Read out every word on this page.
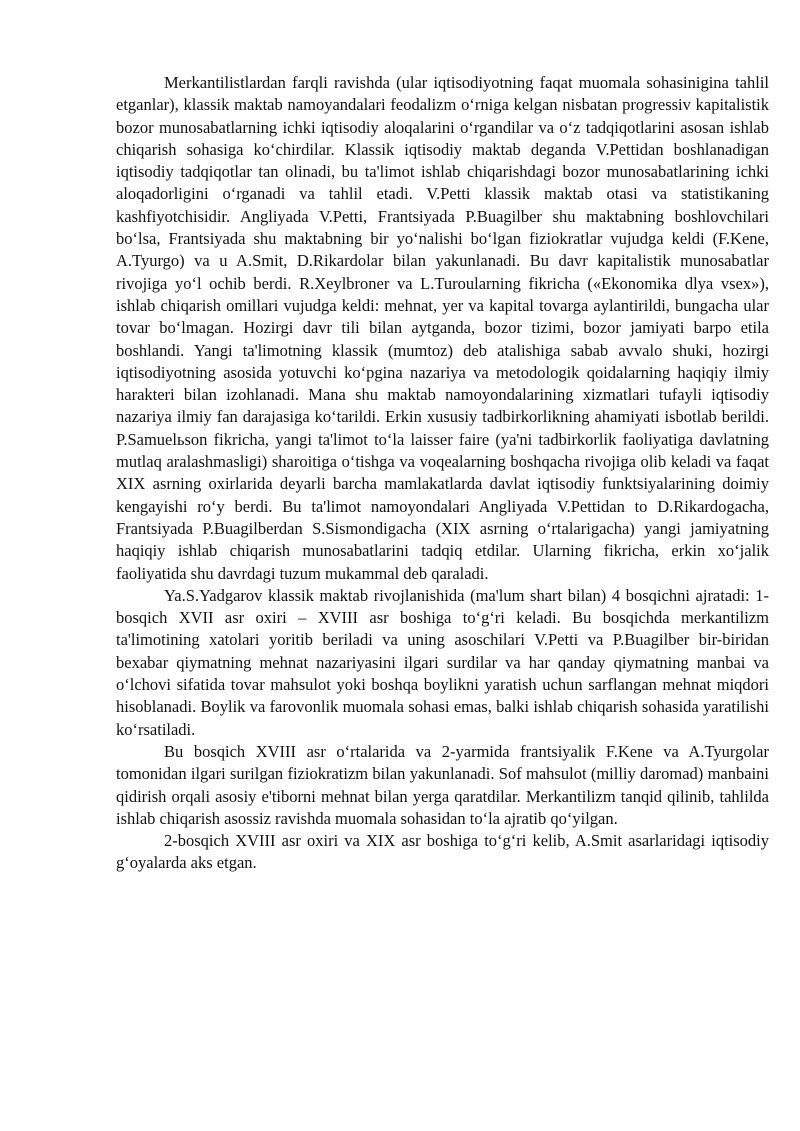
Merkantilistlardan farqli ravishda (ular iqtisodiyotning faqat muomala sohasinigina tahlil etganlar), klassik maktab namoyandalari feodalizm o‘rniga kelgan nisbatan progressiv kapitalistik bozor munosabatlarning ichki iqtisodiy aloqalarini o‘rgandilar va o‘z tadqiqotlarini asosan ishlab chiqarish sohasiga ko‘chirdilar. Klassik iqtisodiy maktab deganda V.Pettidan boshlanadigan iqtisodiy tadqiqotlar tan olinadi, bu ta'limot ishlab chiqarishdagi bozor munosabatlarining ichki aloqadorligini o‘rganadi va tahlil etadi. V.Petti klassik maktab otasi va statistikaning kashfiyotchisidir. Angliyada V.Petti, Frantsiyada P.Buagilber shu maktabning boshlovchilari bo‘lsa, Frantsiyada shu maktabning bir yo‘nalishi bo‘lgan fiziokratlar vujudga keldi (F.Kene, A.Tyurgo) va u A.Smit, D.Rikardolar bilan yakunlanadi. Bu davr kapitalistik munosabatlar rivojiga yo‘l ochib berdi. R.Xeylbroner va L.Turoularning fikricha («Ekonomika dlya vsex»), ishlab chiqarish omillari vujudga keldi: mehnat, yer va kapital tovarga aylantirildi, bungacha ular tovar bo‘lmagan. Hozirgi davr tili bilan aytganda, bozor tizimi, bozor jamiyati barpo etila boshlandi. Yangi ta'limotning klassik (mumtoz) deb atalishiga sabab avvalo shuki, hozirgi iqtisodiyotning asosida yotuvchi ko‘pgina nazariya va metodologik qoidalarning haqiqiy ilmiy harakteri bilan izohlanadi. Mana shu maktab namoyondalarining xizmatlari tufayli iqtisodiy nazariya ilmiy fan darajasiga ko‘tarildi. Erkin xususiy tadbirkorlikning ahamiyati isbotlab berildi. P.Samuelьson fikricha, yangi ta'limot to‘la laisser faire (ya'ni tadbirkorlik faoliyatiga davlatning mutlaq aralashmasligi) sharoitiga o‘tishga va voqealarning boshqacha rivojiga olib keladi va faqat XIX asrning oxirlarida deyarli barcha mamlakatlarda davlat iqtisodiy funktsiyalarining doimiy kengayishi ro‘y berdi. Bu ta'limot namoyondalari Angliyada V.Pettidan to D.Rikardogacha, Frantsiyada P.Buagilberdan S.Sismondigacha (XIX asrning o‘rtalarigacha) yangi jamiyatning haqiqiy ishlab chiqarish munosabatlarini tadqiq etdilar. Ularning fikricha, erkin xo‘jalik faoliyatida shu davrdagi tuzum mukammal deb qaraladi.

Ya.S.Yadgarov klassik maktab rivojlanishida (ma'lum shart bilan) 4 bosqichni ajratadi: 1-bosqich XVII asr oxiri – XVIII asr boshiga to‘g‘ri keladi. Bu bosqichda merkantilizm ta'limotining xatolari yoritib beriladi va uning asoschilari V.Petti va P.Buagilber bir-biridan bexabar qiymatning mehnat nazariyasini ilgari surdilar va har qanday qiymatning manbai va o‘lchovi sifatida tovar mahsulot yoki boshqa boylikni yaratish uchun sarflangan mehnat miqdori hisoblanadi. Boylik va farovonlik muomala sohasi emas, balki ishlab chiqarish sohasida yaratilishi ko‘rsatiladi.

Bu bosqich XVIII asr o‘rtalarida va 2-yarmida frantsiyalik F.Kene va A.Tyurgolar tomonidan ilgari surilgan fiziokratizm bilan yakunlanadi. Sof mahsulot (milliy daromad) manbaini qidirish orqali asosiy e'tiborni mehnat bilan yerga qaratdilar. Merkantilizm tanqid qilinib, tahlilda ishlab chiqarish asossiz ravishda muomala sohasidan to‘la ajratib qo‘yilgan.

2-bosqich XVIII asr oxiri va XIX asr boshiga to‘g‘ri kelib, A.Smit asarlaridagi iqtisodiy g‘oyalarda aks etgan.
